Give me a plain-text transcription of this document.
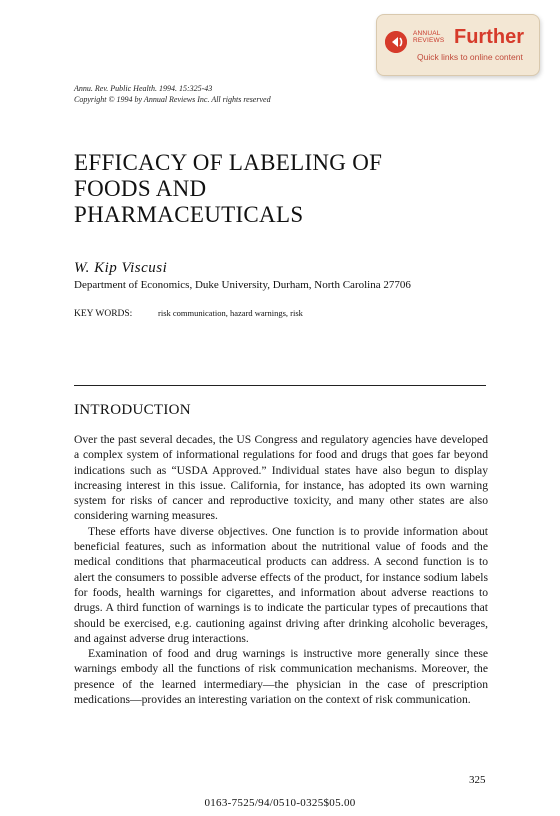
ANNUAL
REVIEWS Further
Quick links to online content
Annu. Rev. Public Health. 1994. 15:325-43
Copyright © 1994 by Annual Reviews Inc. All rights reserved
EFFICACY OF LABELING OF
FOODS AND
PHARMACEUTICALS
W. Kip Viscusi
Department of Economics, Duke University, Durham, North Carolina 27706
KEY WORDS:	risk communication, hazard warnings, risk
INTRODUCTION

Over the past several decades, the US Congress and regulatory agencies have developed a complex system of informational regulations for food and drugs that goes far beyond indications such as “USDA Approved.” Individual states have also begun to display increasing interest in this issue. California, for instance, has adopted its own warning system for risks of cancer and reproductive toxicity, and many other states are also considering warning measures.

These efforts have diverse objectives. One function is to provide information about beneficial features, such as information about the nutritional value of foods and the medical conditions that pharmaceutical products can address. A second function is to alert the consumers to possible adverse effects of the product, for instance sodium labels for foods, health warnings for cigarettes, and information about adverse reactions to drugs. A third function of warnings is to indicate the particular types of precautions that should be exercised, e.g. cautioning against driving after drinking alcoholic beverages, and against adverse drug interactions.

Examination of food and drug warnings is instructive more generally since these warnings embody all the functions of risk communication mechanisms. Moreover, the presence of the learned intermediary—the physician in the case of prescription medications—provides an interesting variation on the context of risk communication.

325
0163-7525/94/0510-0325$05.00
